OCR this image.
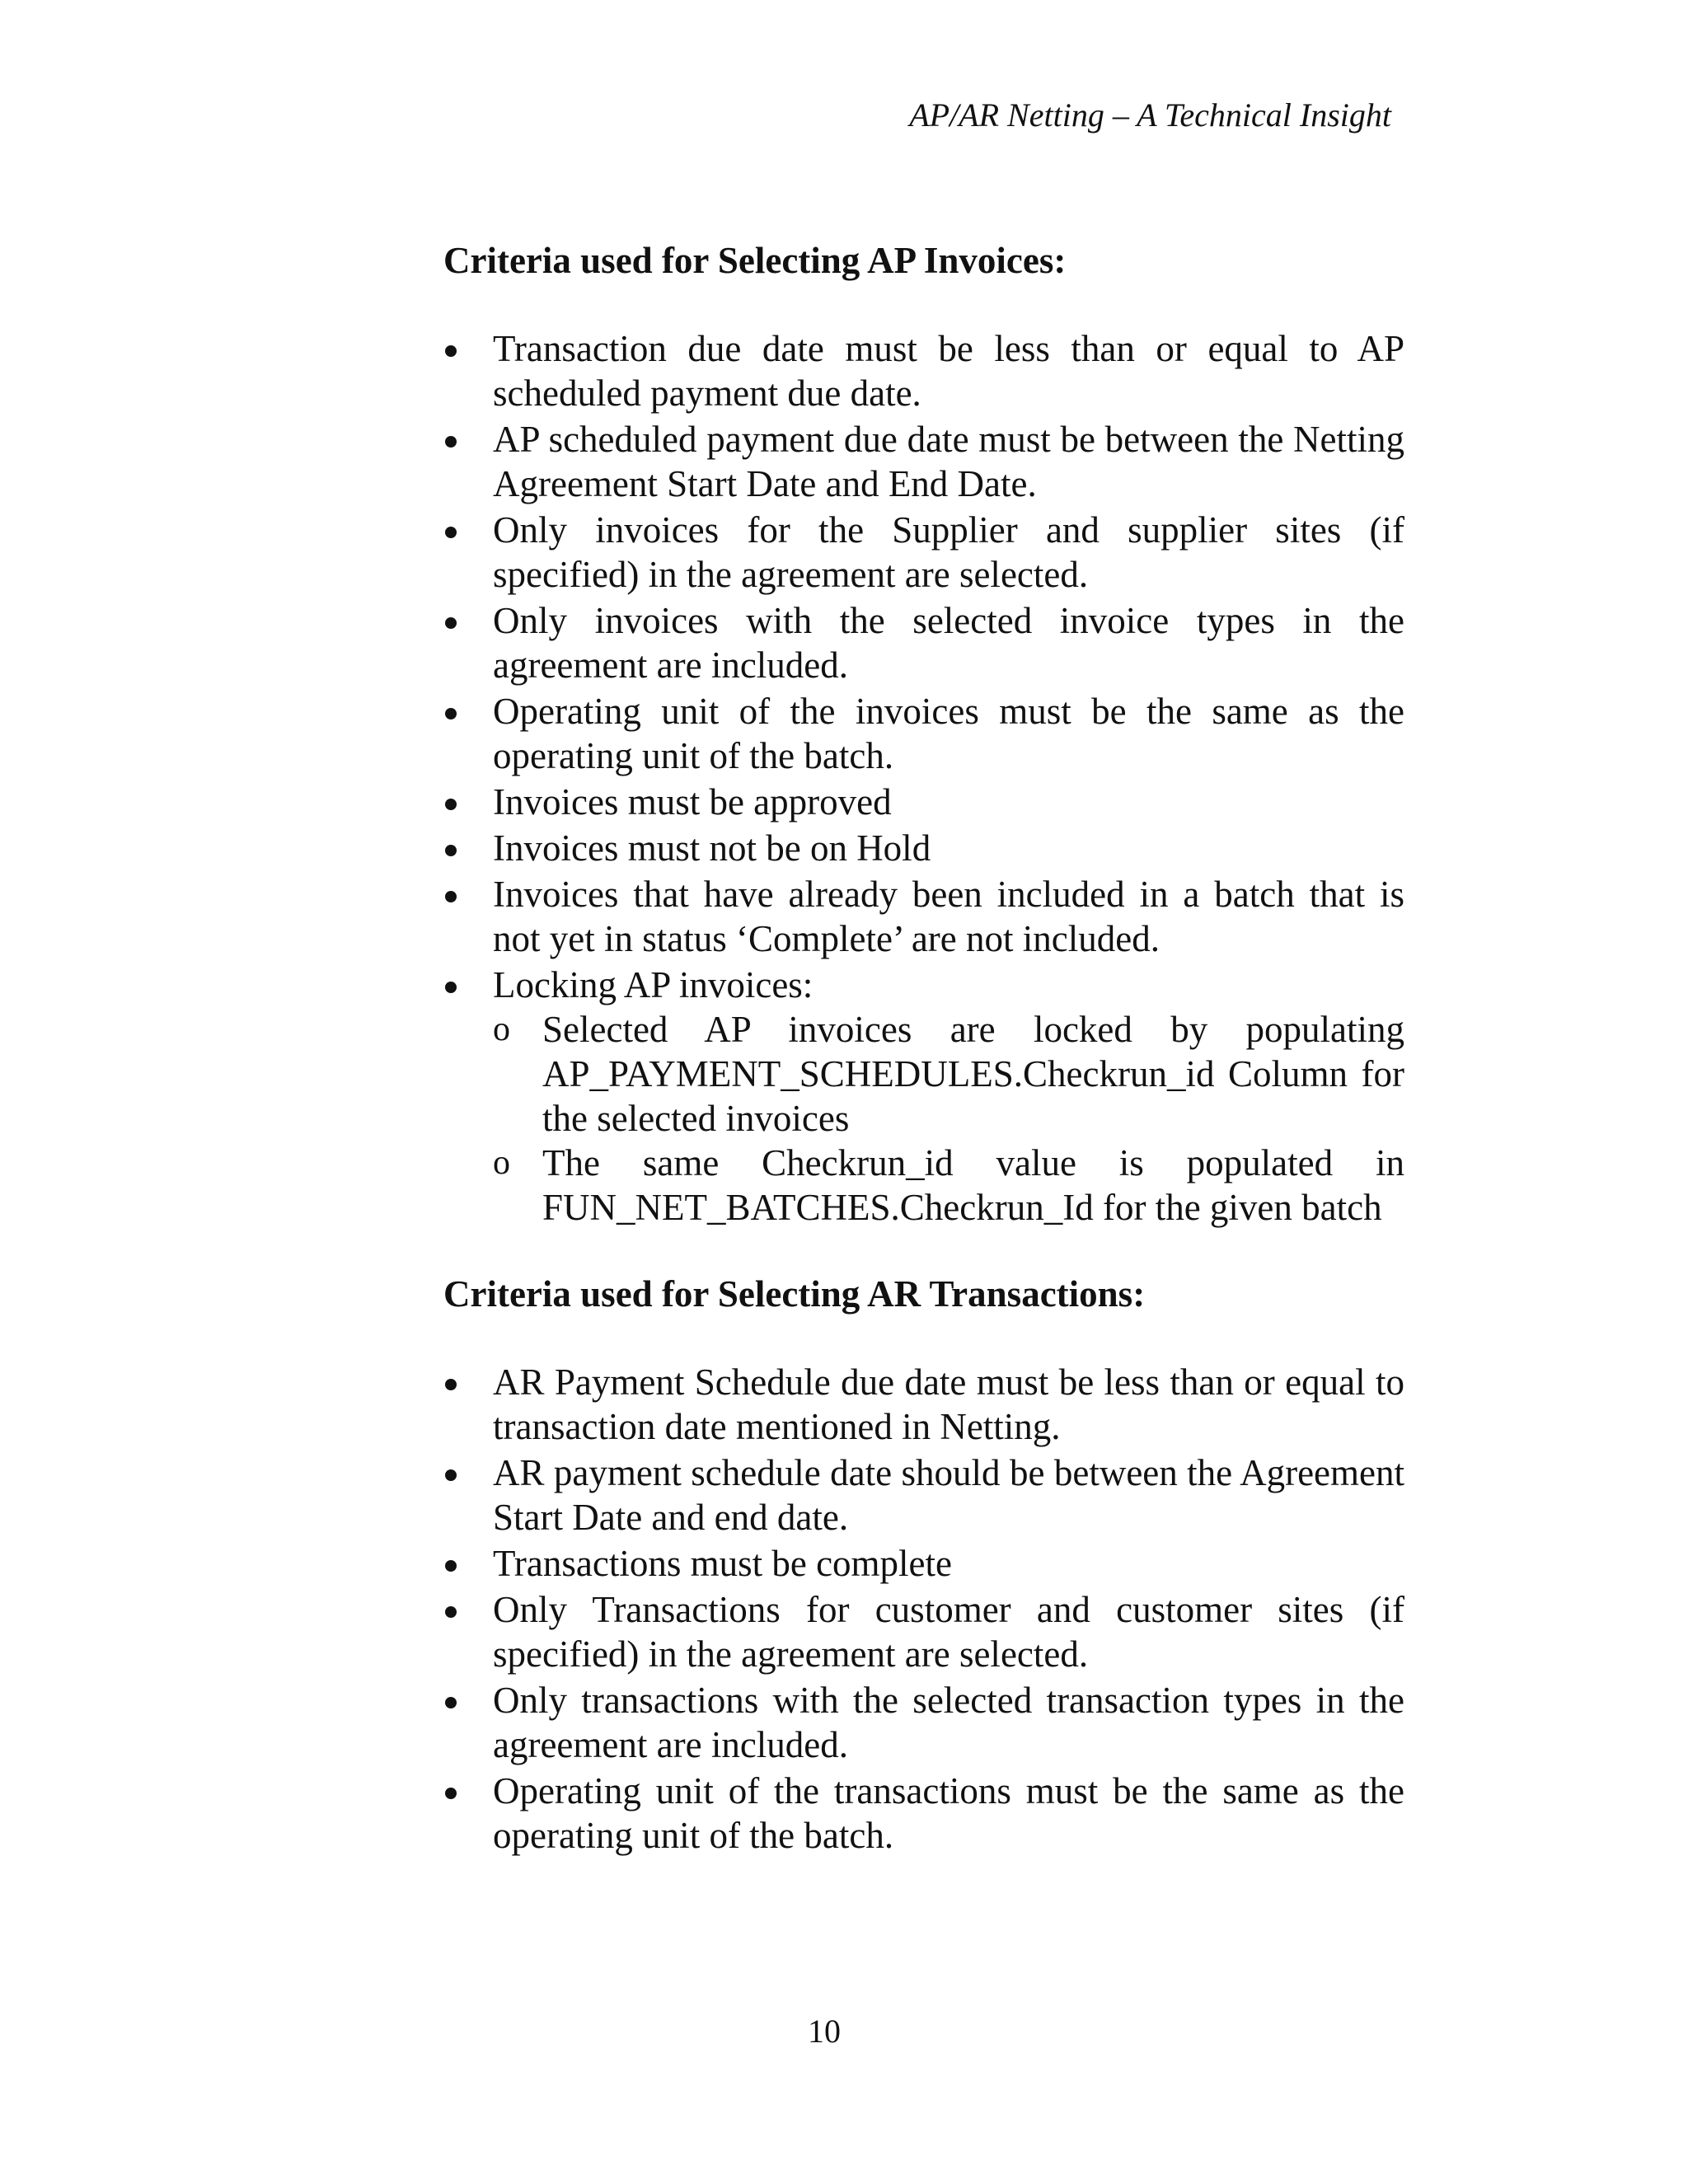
AP/AR Netting – A Technical Insight
Criteria used for Selecting AP Invoices:
Transaction due date must be less than or equal to AP scheduled payment due date.
AP scheduled payment due date must be between the Netting Agreement Start Date and End Date.
Only invoices for the Supplier and supplier sites (if specified) in the agreement are selected.
Only invoices with the selected invoice types in the agreement are included.
Operating unit of the invoices must be the same as the operating unit of the batch.
Invoices must be approved
Invoices must not be on Hold
Invoices that have already been included in a batch that is not yet in status ‘Complete’ are not included.
Locking AP invoices:
o Selected AP invoices are locked by populating AP_PAYMENT_SCHEDULES.Checkrun_id Column for the selected invoices
o The same Checkrun_id value is populated in FUN_NET_BATCHES.Checkrun_Id for the given batch
Criteria used for Selecting AR Transactions:
AR Payment Schedule due date must be less than or equal to transaction date mentioned in Netting.
AR payment schedule date should be between the Agreement Start Date and end date.
Transactions must be complete
Only Transactions for customer and customer sites (if specified) in the agreement are selected.
Only transactions with the selected transaction types in the agreement are included.
Operating unit of the transactions must be the same as the operating unit of the batch.
10
